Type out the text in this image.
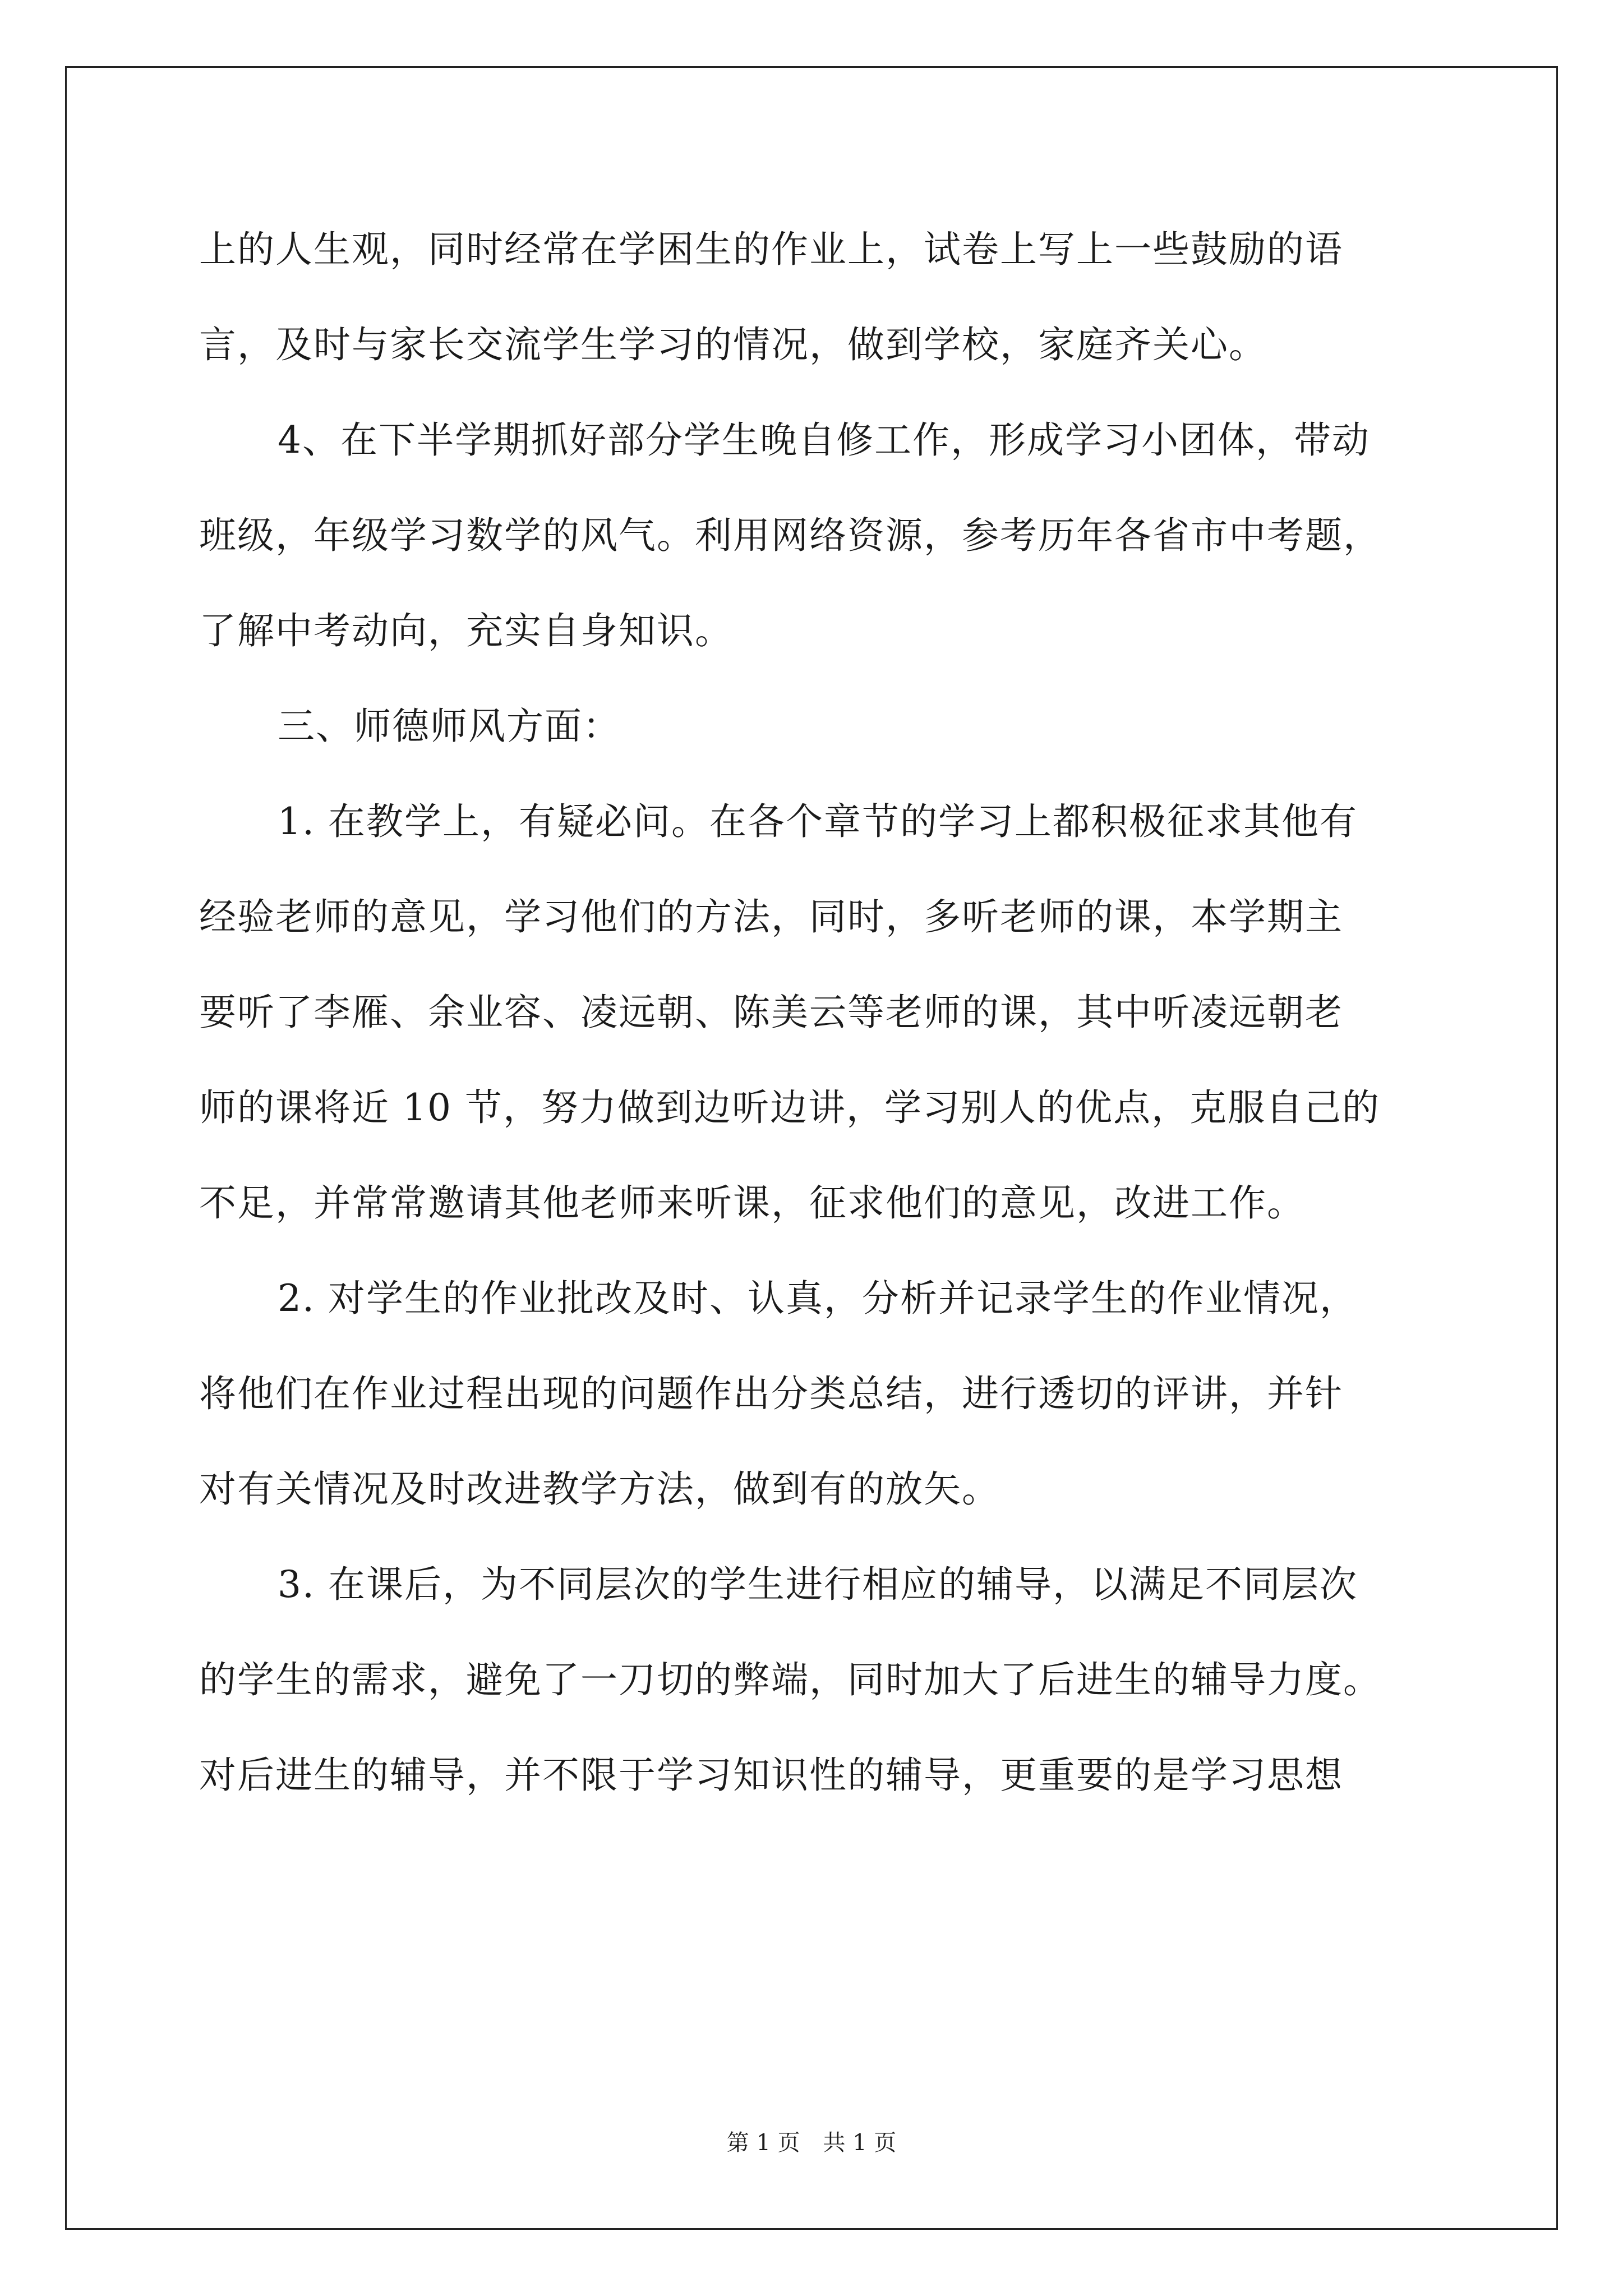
上的人生观，同时经常在学困生的作业上，试卷上写上一些鼓励的语
言，及时与家长交流学生学习的情况，做到学校，家庭齐关心。
4、在下半学期抓好部分学生晚自修工作，形成学习小团体，带动
班级，年级学习数学的风气。利用网络资源，参考历年各省市中考题，
了解中考动向，充实自身知识。
三、师德师风方面：
1. 在教学上，有疑必问。在各个章节的学习上都积极征求其他有
经验老师的意见，学习他们的方法，同时，多听老师的课，本学期主
要听了李雁、余业容、凌远朝、陈美云等老师的课，其中听凌远朝老
师的课将近 10 节，努力做到边听边讲，学习别人的优点，克服自己的
不足，并常常邀请其他老师来听课，征求他们的意见，改进工作。
2. 对学生的作业批改及时、认真，分析并记录学生的作业情况，
将他们在作业过程出现的问题作出分类总结，进行透切的评讲，并针
对有关情况及时改进教学方法，做到有的放矢。
3. 在课后，为不同层次的学生进行相应的辅导，以满足不同层次
的学生的需求，避免了一刀切的弊端，同时加大了后进生的辅导力度。
对后进生的辅导，并不限于学习知识性的辅导，更重要的是学习思想
第 1 页 共 1 页
